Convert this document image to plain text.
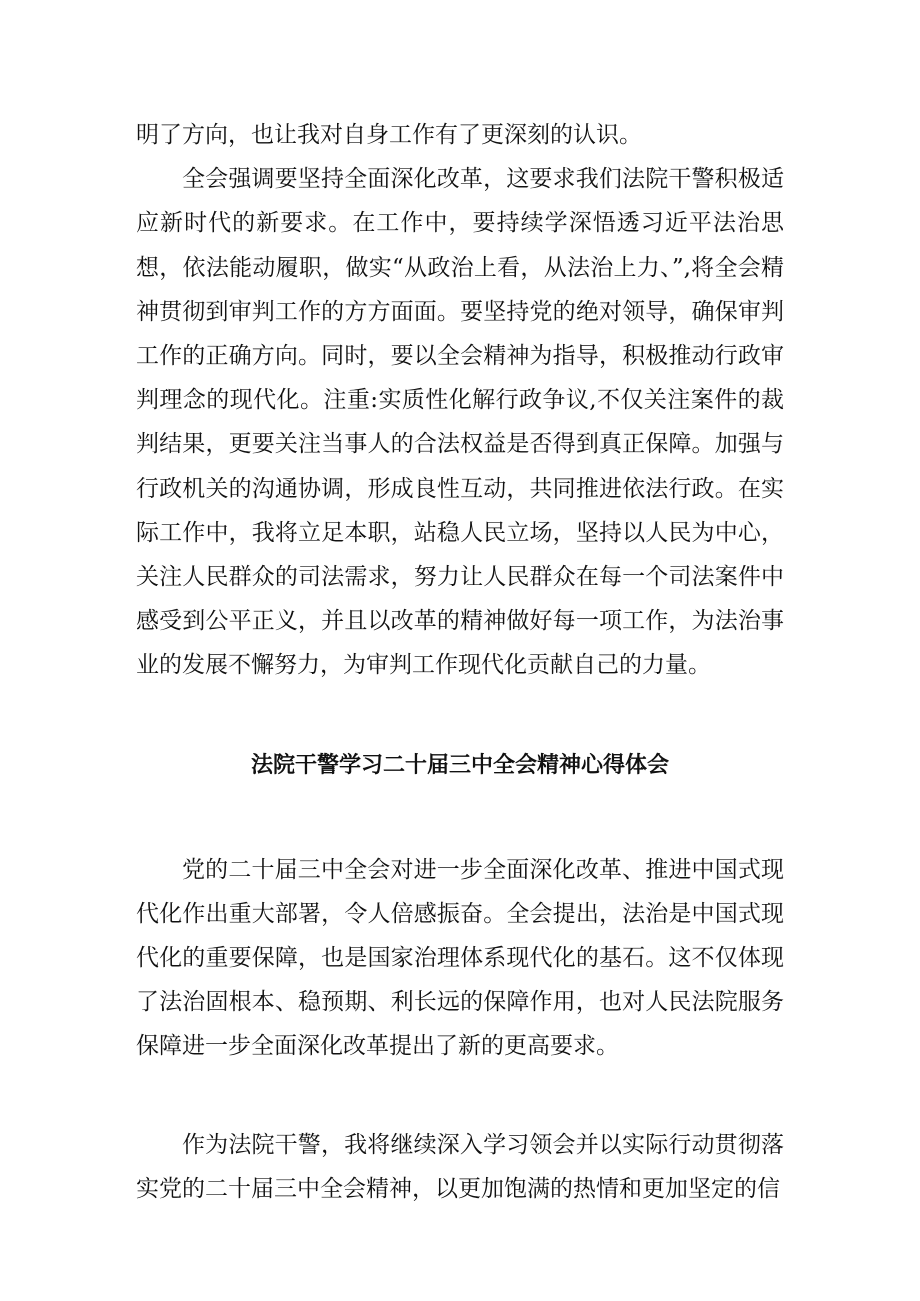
明了方向，也让我对自身工作有了更深刻的认识。

全会强调要坚持全面深化改革，这要求我们法院干警积极适应新时代的新要求。在工作中，要持续学深悟透习近平法治思想，依法能动履职，做实“从政治上看，从法治上力、”,将全会精神贯彻到审判工作的方方面面。要坚持党的绝对领导，确保审判工作的正确方向。同时，要以全会精神为指导，积极推动行政审判理念的现代化。注重:实质性化解行政争议,不仅关注案件的裁判结果，更要关注当事人的合法权益是否得到真正保障。加强与行政机关的沟通协调，形成良性互动，共同推进依法行政。在实际工作中，我将立足本职，站稳人民立场，坚持以人民为中心，关注人民群众的司法需求，努力让人民群众在每一个司法案件中感受到公平正义，并且以改革的精神做好每一项工作，为法治事业的发展不懈努力，为审判工作现代化贡献自己的力量。

法院干警学习二十届三中全会精神心得体会

党的二十届三中全会对进一步全面深化改革、推进中国式现代化作出重大部署，令人倍感振奋。全会提出，法治是中国式现代化的重要保障，也是国家治理体系现代化的基石。这不仅体现了法治固根本、稳预期、利长远的保障作用，也对人民法院服务保障进一步全面深化改革提出了新的更高要求。

作为法院干警，我将继续深入学习领会并以实际行动贯彻落实党的二十届三中全会精神，以更加饱满的热情和更加坚定的信
